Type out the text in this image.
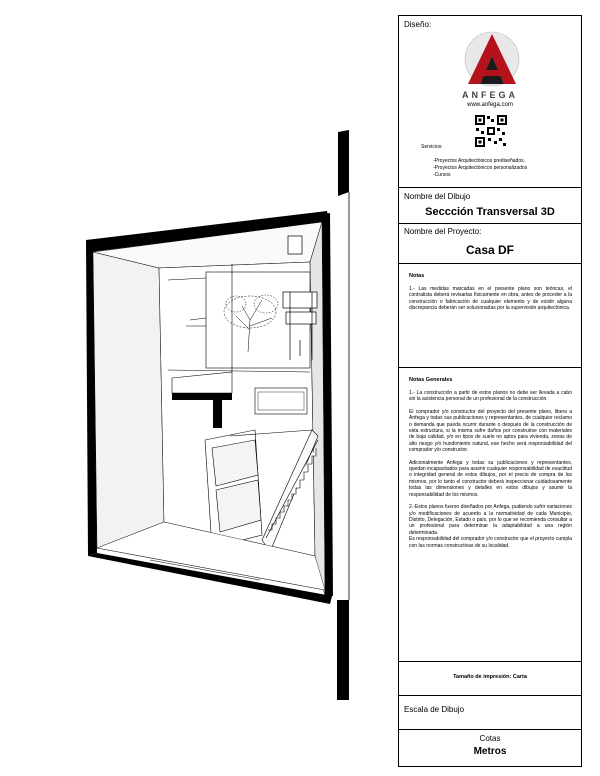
Diseño:
ANFEGA
www.anfega.com
Servicios:
-Proyectos Arquitectónicos prediseñados.
-Proyectos Arquitectónicos personalizados
-Cursos
Nombre del Dibujo
Seccción Transversal 3D
Nombre del Proyecto:
Casa DF
Notas

1.- Las medidas marcadas en el presente plano son teóricas, el contratista deberá revisarlas físicamente en obra, antes de proceder a la construcción o fabricación de cualquier elemento y de existir alguna discrepancia deberán ser solucionadas por la supervisión arquitectónica.

Notas Generales

1.- La construcción a partir de estos planos no debe ser llevada a cabo sin la asistencia personal de un profesional de la construcción.

El comprador y/o constructor del proyecto del presente plano, libera a Anfega y todas sus publicaciones y representantes, de cualquier reclamo o demanda que pueda ocurrir durante o después de la construcción de esta estructura, si la misma sufre daños por construirse con materiales de baja calidad, y/o en tipos de suelo no aptos para vivienda, zonas de alto riesgo y/o hundimiento natural, ese hecho será responsabilidad del comprador y/o constructor.

Adicionalmente Anfega y todas su publicaciones y representantes, quedan incapacitados para asumir cualquier responsabilidad de exactitud o integridad general de estos dibujos, por el precio de compra de los mismos, por lo tanto el constructor deberá inspeccionar cuidadosamente todas las dimensiones y detalles en estos dibujos y asumir la responsabilidad de los mismos.

2.-Estos planos fueron diseñados por Anfega, pudiendo sufrir variaciones y/o modificaciones de acuerdo a la normatividad de cada Municipio, Distrito, Delegación, Estado o país, por lo que se recomienda consultar a un profesional para determinar la adaptabilidad a una región determinada.
Es responsabilidad del comprador y/o constructor que el proyecto cumpla con las normas constructivas de su localidad.

Tamaño de impresión: Carta
Escala de Dibujo
Cotas
Metros
